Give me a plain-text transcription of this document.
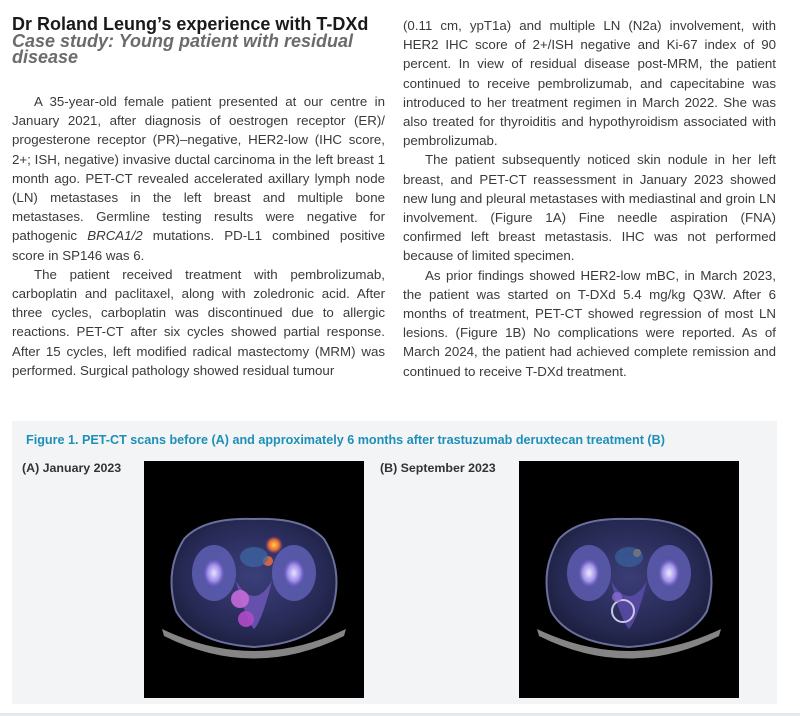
Dr Roland Leung’s experience with T-DXd
Case study: Young patient with residual disease

A 35-year-old female patient presented at our centre in January 2021, after diagnosis of oestrogen receptor (ER)/ progesterone receptor (PR)–negative, HER2-low (IHC score, 2+; ISH, negative) invasive ductal carcinoma in the left breast 1 month ago. PET-CT revealed accelerated axillary lymph node (LN) metastases in the left breast and multiple bone metastases. Germline testing results were negative for pathogenic BRCA1/2 mutations. PD-L1 combined positive score in SP146 was 6.

The patient received treatment with pembrolizumab, carboplatin and paclitaxel, along with zoledronic acid. After three cycles, carboplatin was discontinued due to allergic reactions. PET-CT after six cycles showed partial response. After 15 cycles, left modified radical mastectomy (MRM) was performed. Surgical pathology showed residual tumour

(0.11 cm, ypT1a) and multiple LN (N2a) involvement, with HER2 IHC score of 2+/ISH negative and Ki-67 index of 90 percent. In view of residual disease post-MRM, the patient continued to receive pembrolizumab, and capecitabine was introduced to her treatment regimen in March 2022. She was also treated for thyroiditis and hypothyroidism associated with pembrolizumab.

The patient subsequently noticed skin nodule in her left breast, and PET-CT reassessment in January 2023 showed new lung and pleural metastases with mediastinal and groin LN involvement. (Figure 1A) Fine needle aspiration (FNA) confirmed left breast metastasis. IHC was not performed because of limited specimen.

As prior findings showed HER2-low mBC, in March 2023, the patient was started on T-DXd 5.4 mg/kg Q3W. After 6 months of treatment, PET-CT showed regression of most LN lesions. (Figure 1B) No complications were reported. As of March 2024, the patient had achieved complete remission and continued to receive T-DXd treatment.

Figure 1. PET-CT scans before (A) and approximately 6 months after trastuzumab deruxtecan treatment (B)
(A) January 2023	(B) September 2023
